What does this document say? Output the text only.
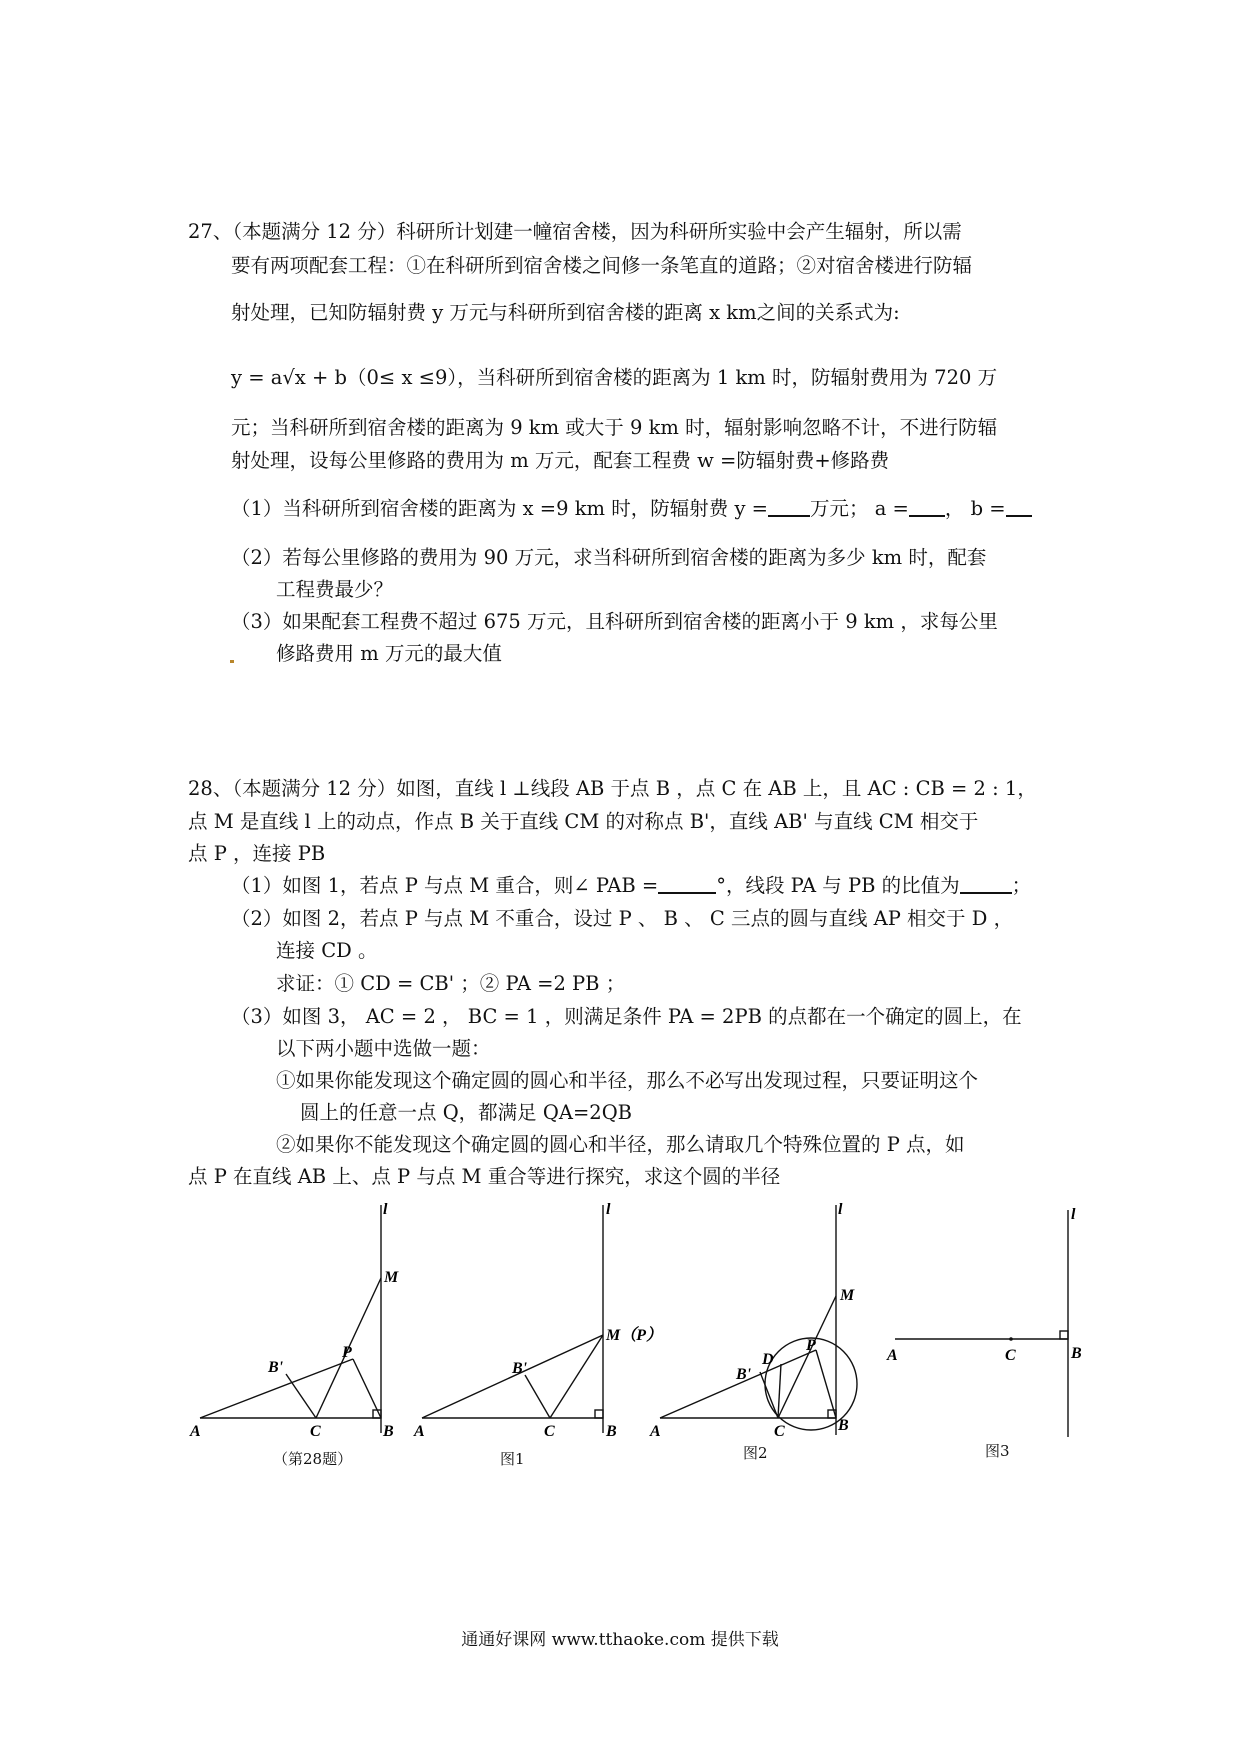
27、（本题满分 12 分）科研所计划建一幢宿舍楼，因为科研所实验中会产生辐射，所以需
要有两项配套工程：①在科研所到宿舍楼之间修一条笔直的道路；②对宿舍楼进行防辐
射处理，已知防辐射费 y 万元与科研所到宿舍楼的距离 x km之间的关系式为:
y = a√x + b（0≤ x ≤9），当科研所到宿舍楼的距离为 1 km 时，防辐射费用为 720 万
元；当科研所到宿舍楼的距离为 9 km 或大于 9 km 时，辐射影响忽略不计，不进行防辐
射处理，设每公里修路的费用为 m 万元，配套工程费 w =防辐射费+修路费
（1）当科研所到宿舍楼的距离为 x =9 km 时，防辐射费 y = 万元； a = ， b =
（2）若每公里修路的费用为 90 万元，求当科研所到宿舍楼的距离为多少 km 时，配套
工程费最少？
（3）如果配套工程费不超过 675 万元，且科研所到宿舍楼的距离小于 9 km ，求每公里
修路费用 m 万元的最大值
28、（本题满分 12 分）如图，直线 l ⊥线段 AB 于点 B ，点 C 在 AB 上，且 AC : CB = 2 : 1，
点 M 是直线 l 上的动点，作点 B 关于直线 CM 的对称点 B'，直线 AB' 与直线 CM 相交于
点 P ，连接 PB
（1）如图 1，若点 P 与点 M 重合，则∠ PAB =	°，线段 PA 与 PB 的比值为	；
（2）如图 2，若点 P 与点 M 不重合，设过 P 、 B 、 C 三点的圆与直线 AP 相交于 D ，
连接 CD 。
求证：① CD = CB' ；② PA =2 PB ；
（3）如图 3， AC = 2 ， BC = 1 ，则满足条件 PA = 2PB 的点都在一个确定的圆上，在
以下两小题中选做一题：
①如果你能发现这个确定圆的圆心和半径，那么不必写出发现过程，只要证明这个
圆上的任意一点 Q，都满足 QA=2QB
②如果你不能发现这个确定圆的圆心和半径，那么请取几个特殊位置的 P 点，如
点 P 在直线 AB 上、点 P 与点 M 重合等进行探究，求这个圆的半径
l
M
P
B'
A	C	B
（第28题）
l
M（P）
B'
A	C	B
图1
l
M
P
D
B'
A	C	B
图2
l
A	C	B
图3
通通好课网 www.tthaoke.com 提供下载
